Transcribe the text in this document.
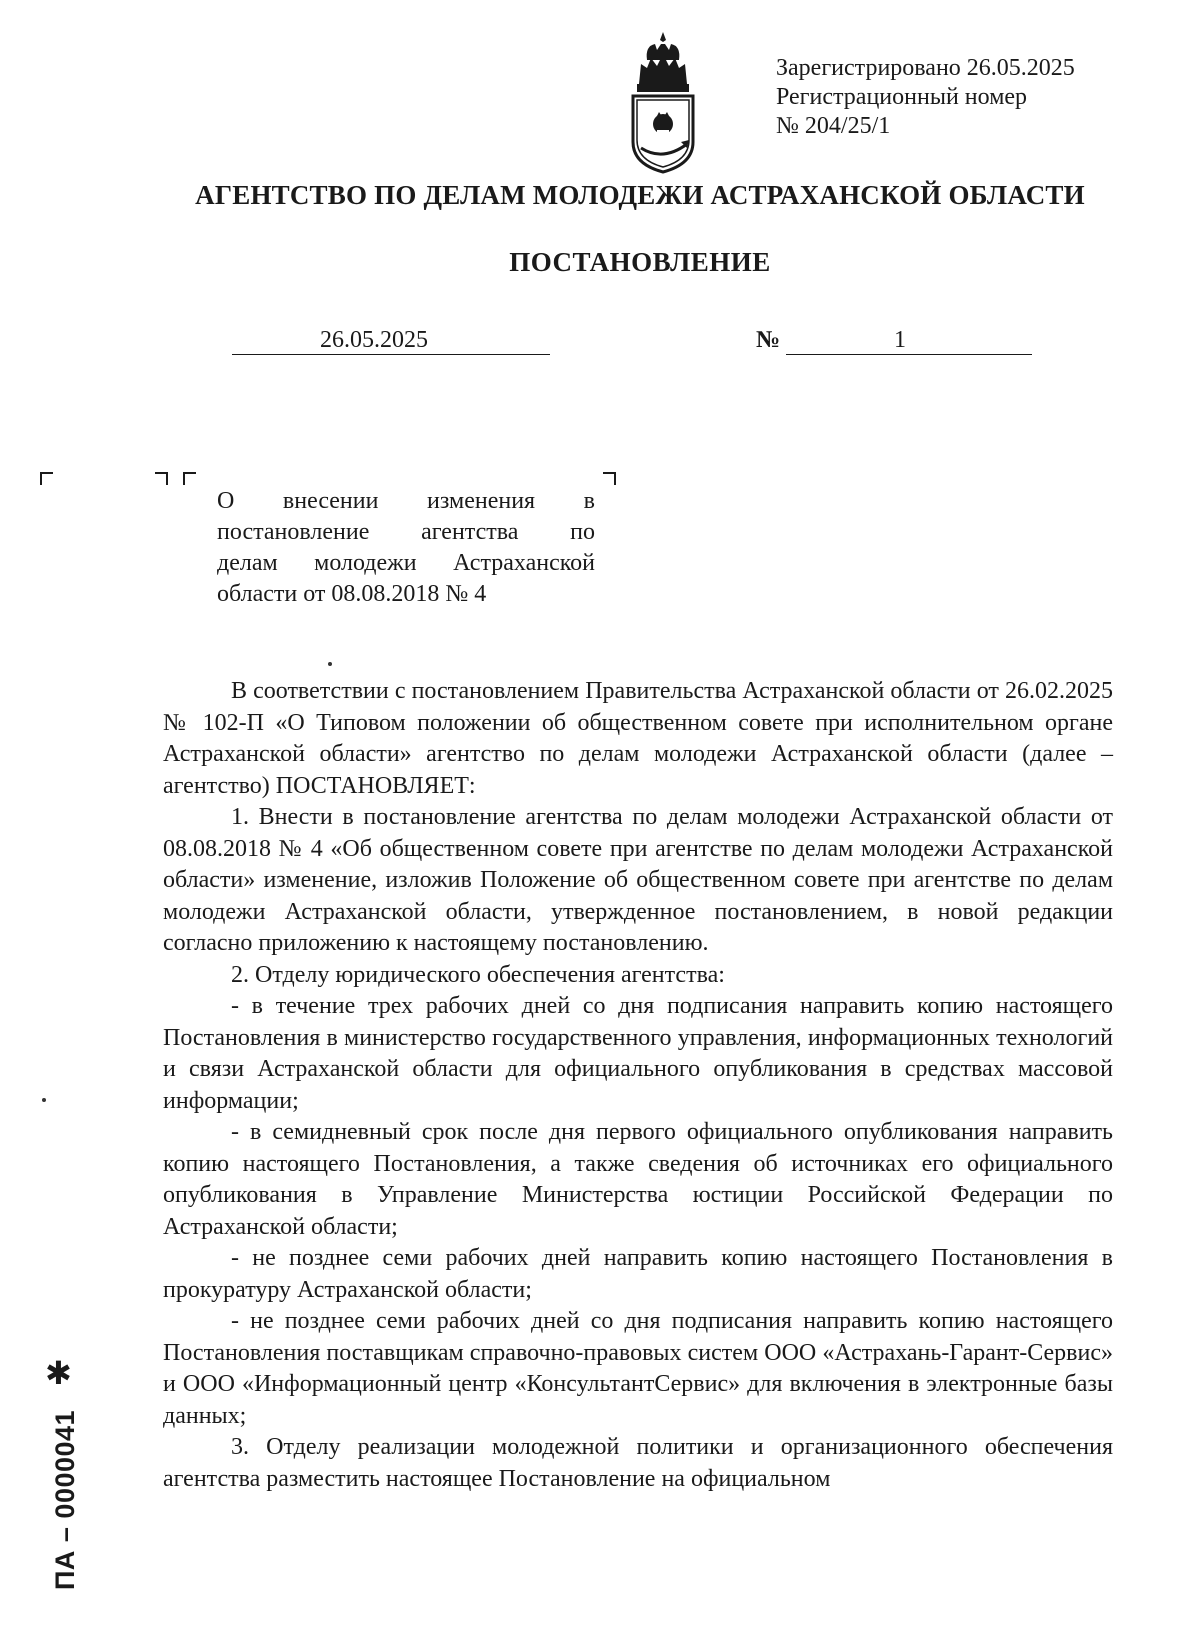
Зарегистрировано 26.05.2025
Регистрационный номер
№ 204/25/1
АГЕНТСТВО ПО ДЕЛАМ МОЛОДЕЖИ АСТРАХАНСКОЙ ОБЛАСТИ
ПОСТАНОВЛЕНИЕ
26.05.2025	№	1
О внесении изменения в
постановление агентства по
делам молодежи Астраханской
области от 08.08.2018 № 4

В соответствии с постановлением Правительства Астраханской области от 26.02.2025 № 102-П «О Типовом положении об общественном совете при исполнительном органе Астраханской области» агентство по делам молодежи Астраханской области (далее – агентство) ПОСТАНОВЛЯЕТ:

1. Внести в постановление агентства по делам молодежи Астраханской области от 08.08.2018 № 4 «Об общественном совете при агентстве по делам молодежи Астраханской области» изменение, изложив Положение об общественном совете при агентстве по делам молодежи Астраханской области, утвержденное постановлением, в новой редакции согласно приложению к настоящему постановлению.

2. Отделу юридического обеспечения агентства:

- в течение трех рабочих дней со дня подписания направить копию настоящего Постановления в министерство государственного управления, информационных технологий и связи Астраханской области для официального опубликования в средствах массовой информации;

- в семидневный срок после дня первого официального опубликования направить копию настоящего Постановления, а также сведения об источниках его официального опубликования в Управление Министерства юстиции Российской Федерации по Астраханской области;

- не позднее семи рабочих дней направить копию настоящего Постановления в прокуратуру Астраханской области;

- не позднее семи рабочих дней со дня подписания направить копию настоящего Постановления поставщикам справочно-правовых систем ООО «Астрахань-Гарант-Сервис» и ООО «Информационный центр «КонсультантСервис» для включения в электронные базы данных;

3. Отделу реализации молодежной политики и организационного обеспечения агентства разместить настоящее Постановление на официальном

✱
ПА – 0000041
